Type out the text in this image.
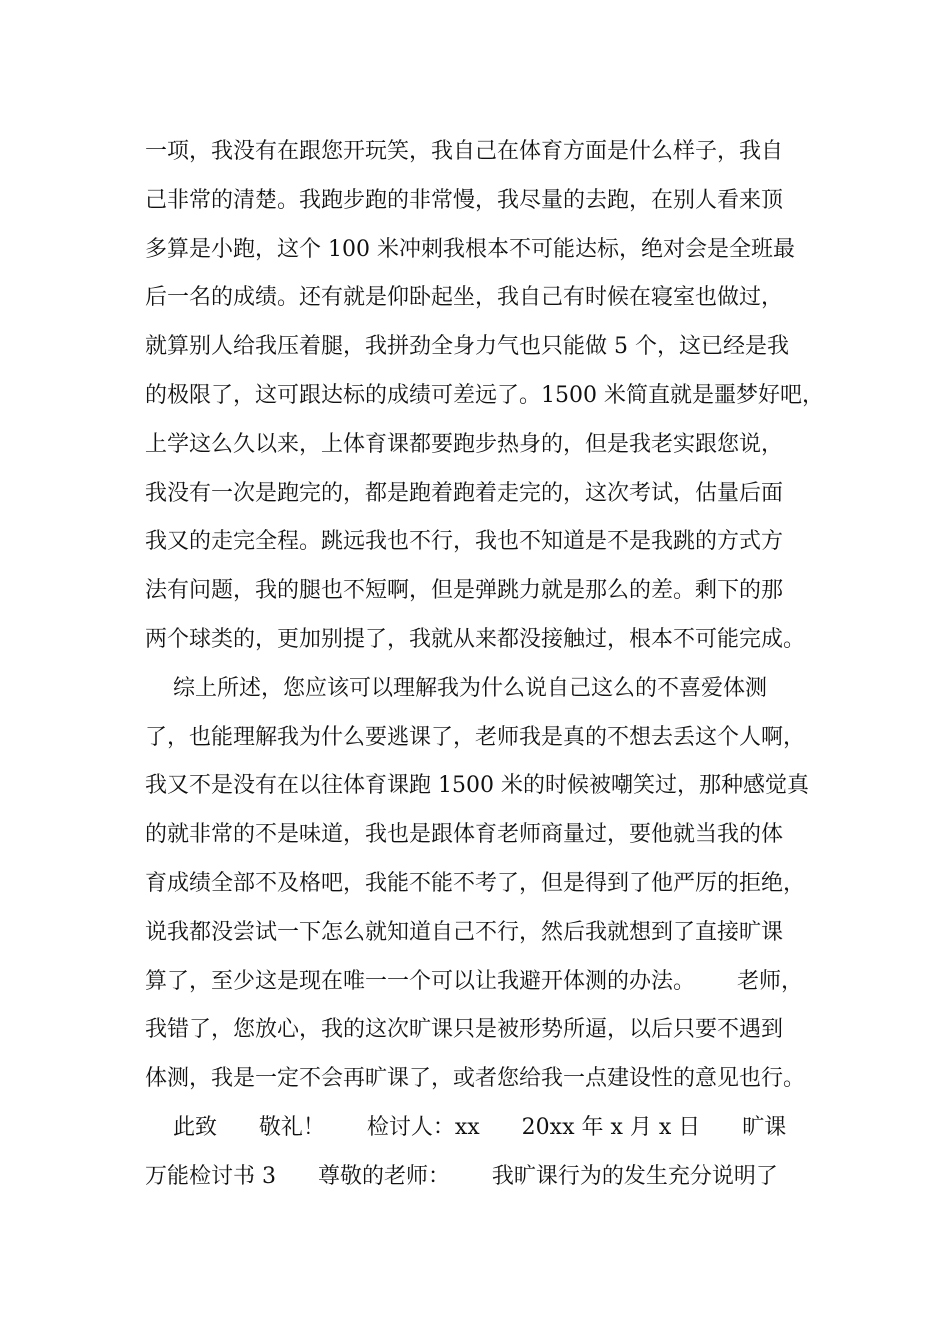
一项，我没有在跟您开玩笑，我自己在体育方面是什么样子，我自
己非常的清楚。我跑步跑的非常慢，我尽量的去跑，在别人看来顶
多算是小跑，这个 100 米冲刺我根本不可能达标，绝对会是全班最
后一名的成绩。还有就是仰卧起坐，我自己有时候在寝室也做过，
就算别人给我压着腿，我拼劲全身力气也只能做 5 个，这已经是我
的极限了，这可跟达标的成绩可差远了。1500 米简直就是噩梦好吧，
上学这么久以来，上体育课都要跑步热身的，但是我老实跟您说，
我没有一次是跑完的，都是跑着跑着走完的，这次考试，估量后面
我又的走完全程。跳远我也不行，我也不知道是不是我跳的方式方
法有问题，我的腿也不短啊，但是弹跳力就是那么的差。剩下的那
两个球类的，更加别提了，我就从来都没接触过，根本不可能完成。
综上所述，您应该可以理解我为什么说自己这么的不喜爱体测
了，也能理解我为什么要逃课了，老师我是真的不想去丢这个人啊，
我又不是没有在以往体育课跑 1500 米的时候被嘲笑过，那种感觉真
的就非常的不是味道，我也是跟体育老师商量过，要他就当我的体
育成绩全部不及格吧，我能不能不考了，但是得到了他严厉的拒绝，
说我都没尝试一下怎么就知道自己不行，然后我就想到了直接旷课
算了，至少这是现在唯一一个可以让我避开体测的办法。      老师，
我错了，您放心，我的这次旷课只是被形势所逼，以后只要不遇到
体测，我是一定不会再旷课了，或者您给我一点建设性的意见也行。
此致      敬礼！      检讨人：xx      20xx 年 x 月 x 日      旷课
万能检讨书 3      尊敬的老师：      我旷课行为的发生充分说明了
